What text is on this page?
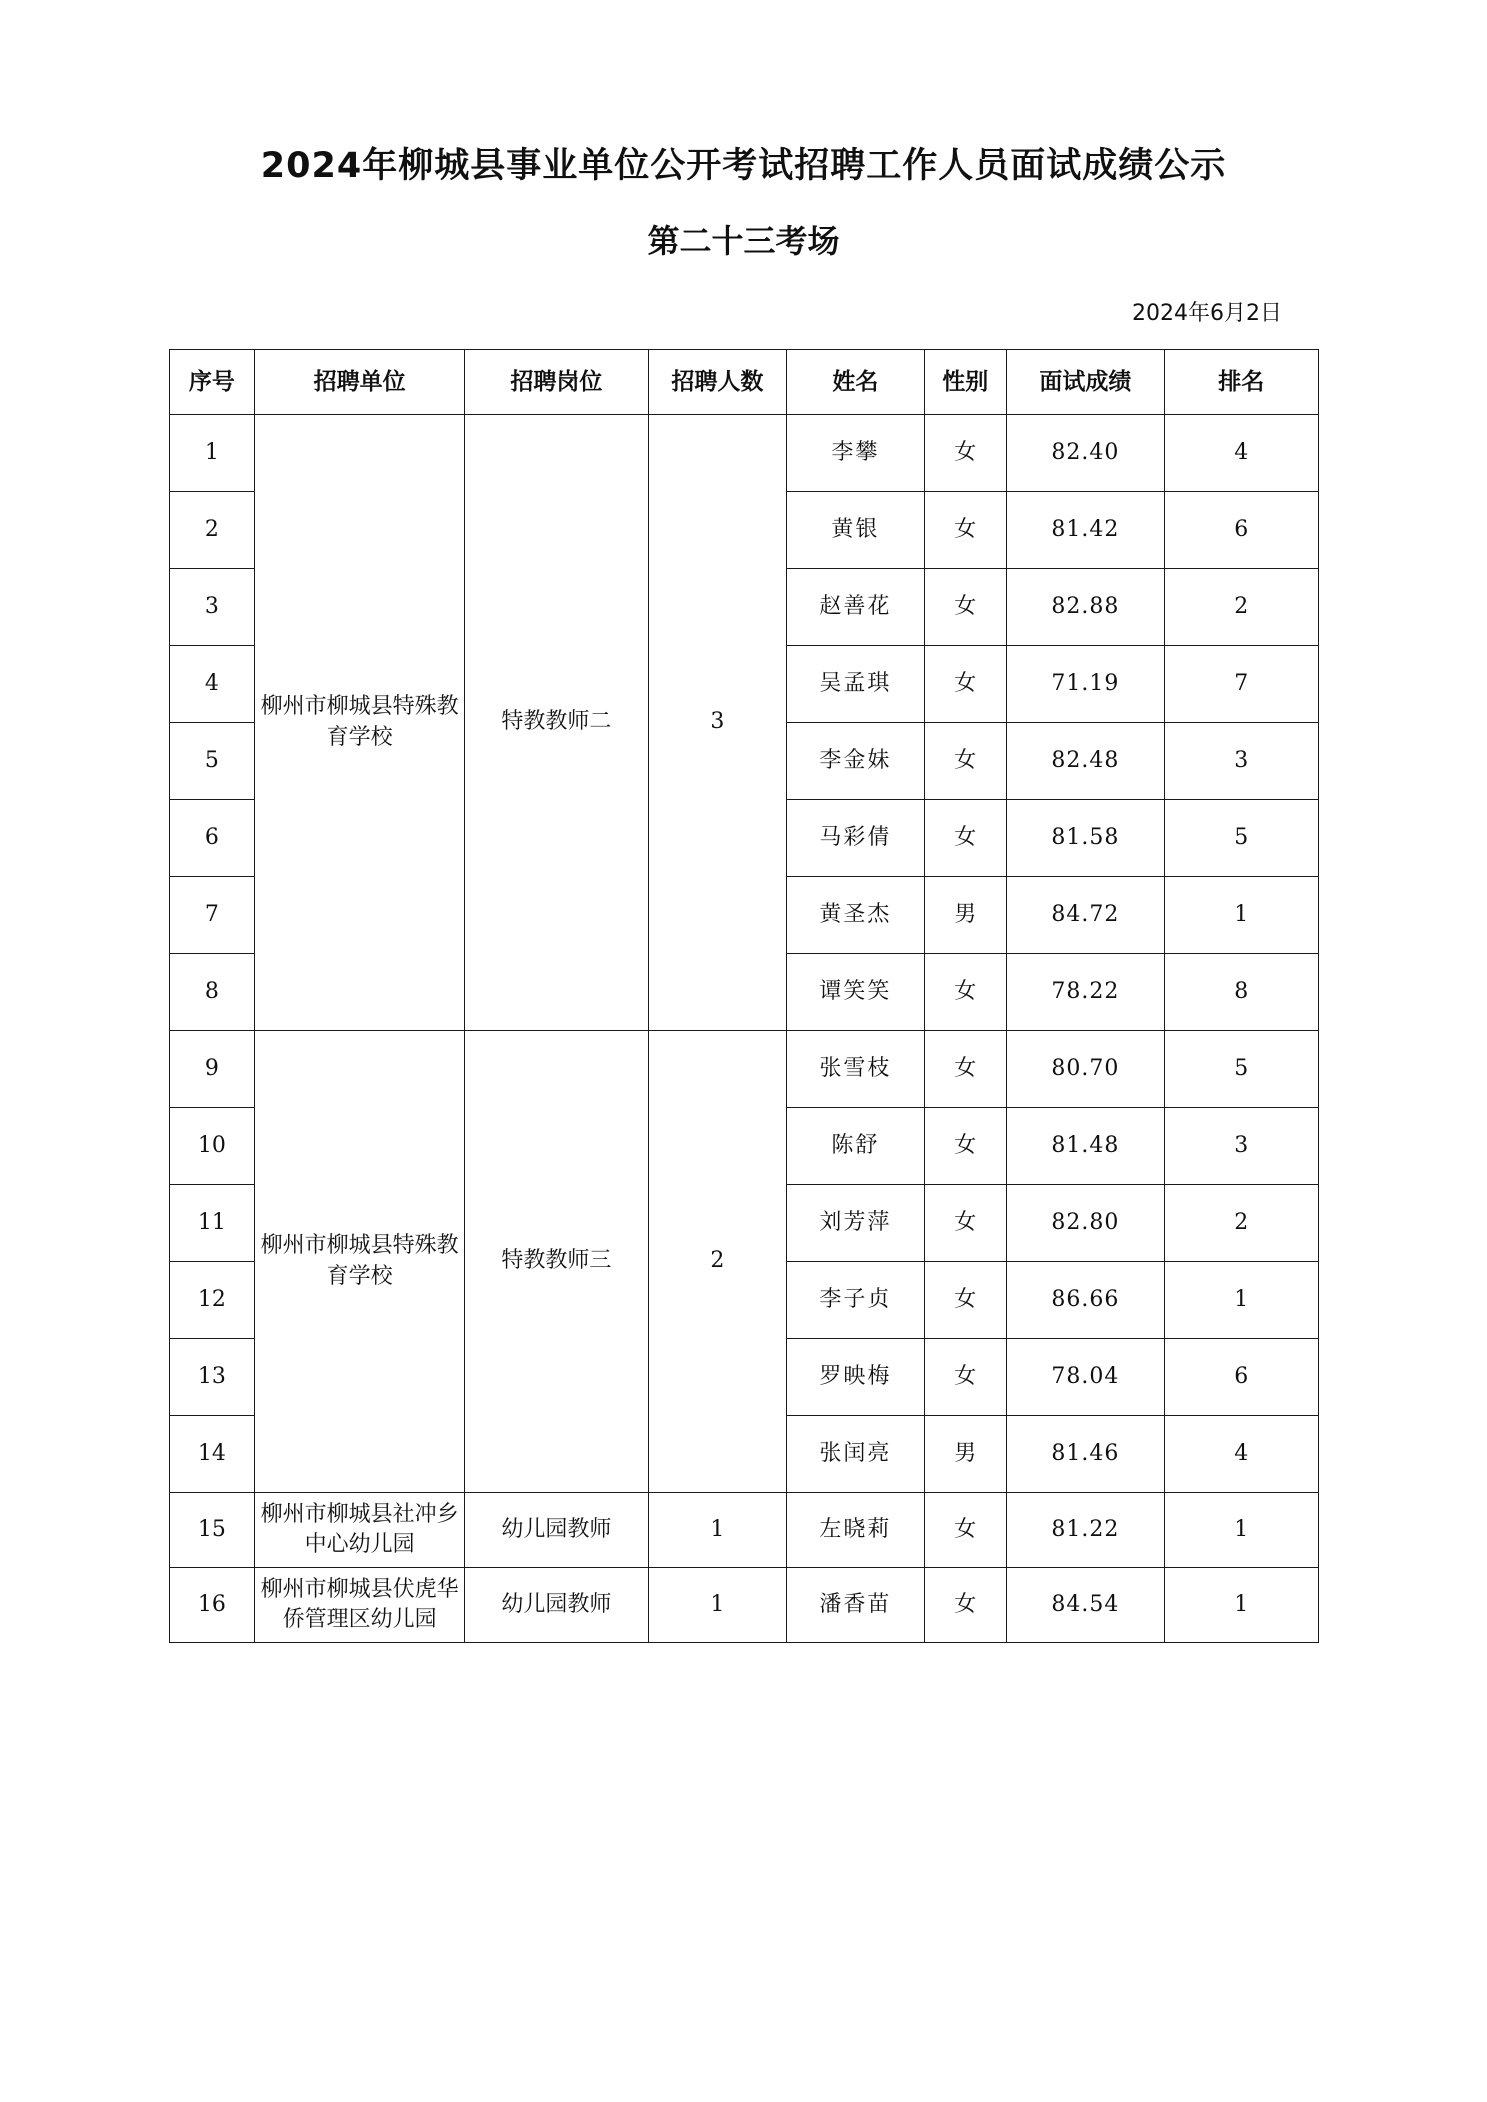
2024年柳城县事业单位公开考试招聘工作人员面试成绩公示
第二十三考场
2024年6月2日
序号	招聘单位	招聘岗位	招聘人数	姓名	性别	面试成绩	排名
1	柳州市柳城县特殊教育学校	特教教师二	3	李攀	女	82.40	4
2				黄银	女	81.42	6
3				赵善花	女	82.88	2
4				吴孟琪	女	71.19	7
5				李金妹	女	82.48	3
6				马彩倩	女	81.58	5
7				黄圣杰	男	84.72	1
8				谭笑笑	女	78.22	8
9	柳州市柳城县特殊教育学校	特教教师三	2	张雪枝	女	80.70	5
10				陈舒	女	81.48	3
11				刘芳萍	女	82.80	2
12				李子贞	女	86.66	1
13				罗映梅	女	78.04	6
14				张闰亮	男	81.46	4
15	柳州市柳城县社冲乡中心幼儿园	幼儿园教师	1	左晓莉	女	81.22	1
16	柳州市柳城县伏虎华侨管理区幼儿园	幼儿园教师	1	潘香苗	女	84.54	1
